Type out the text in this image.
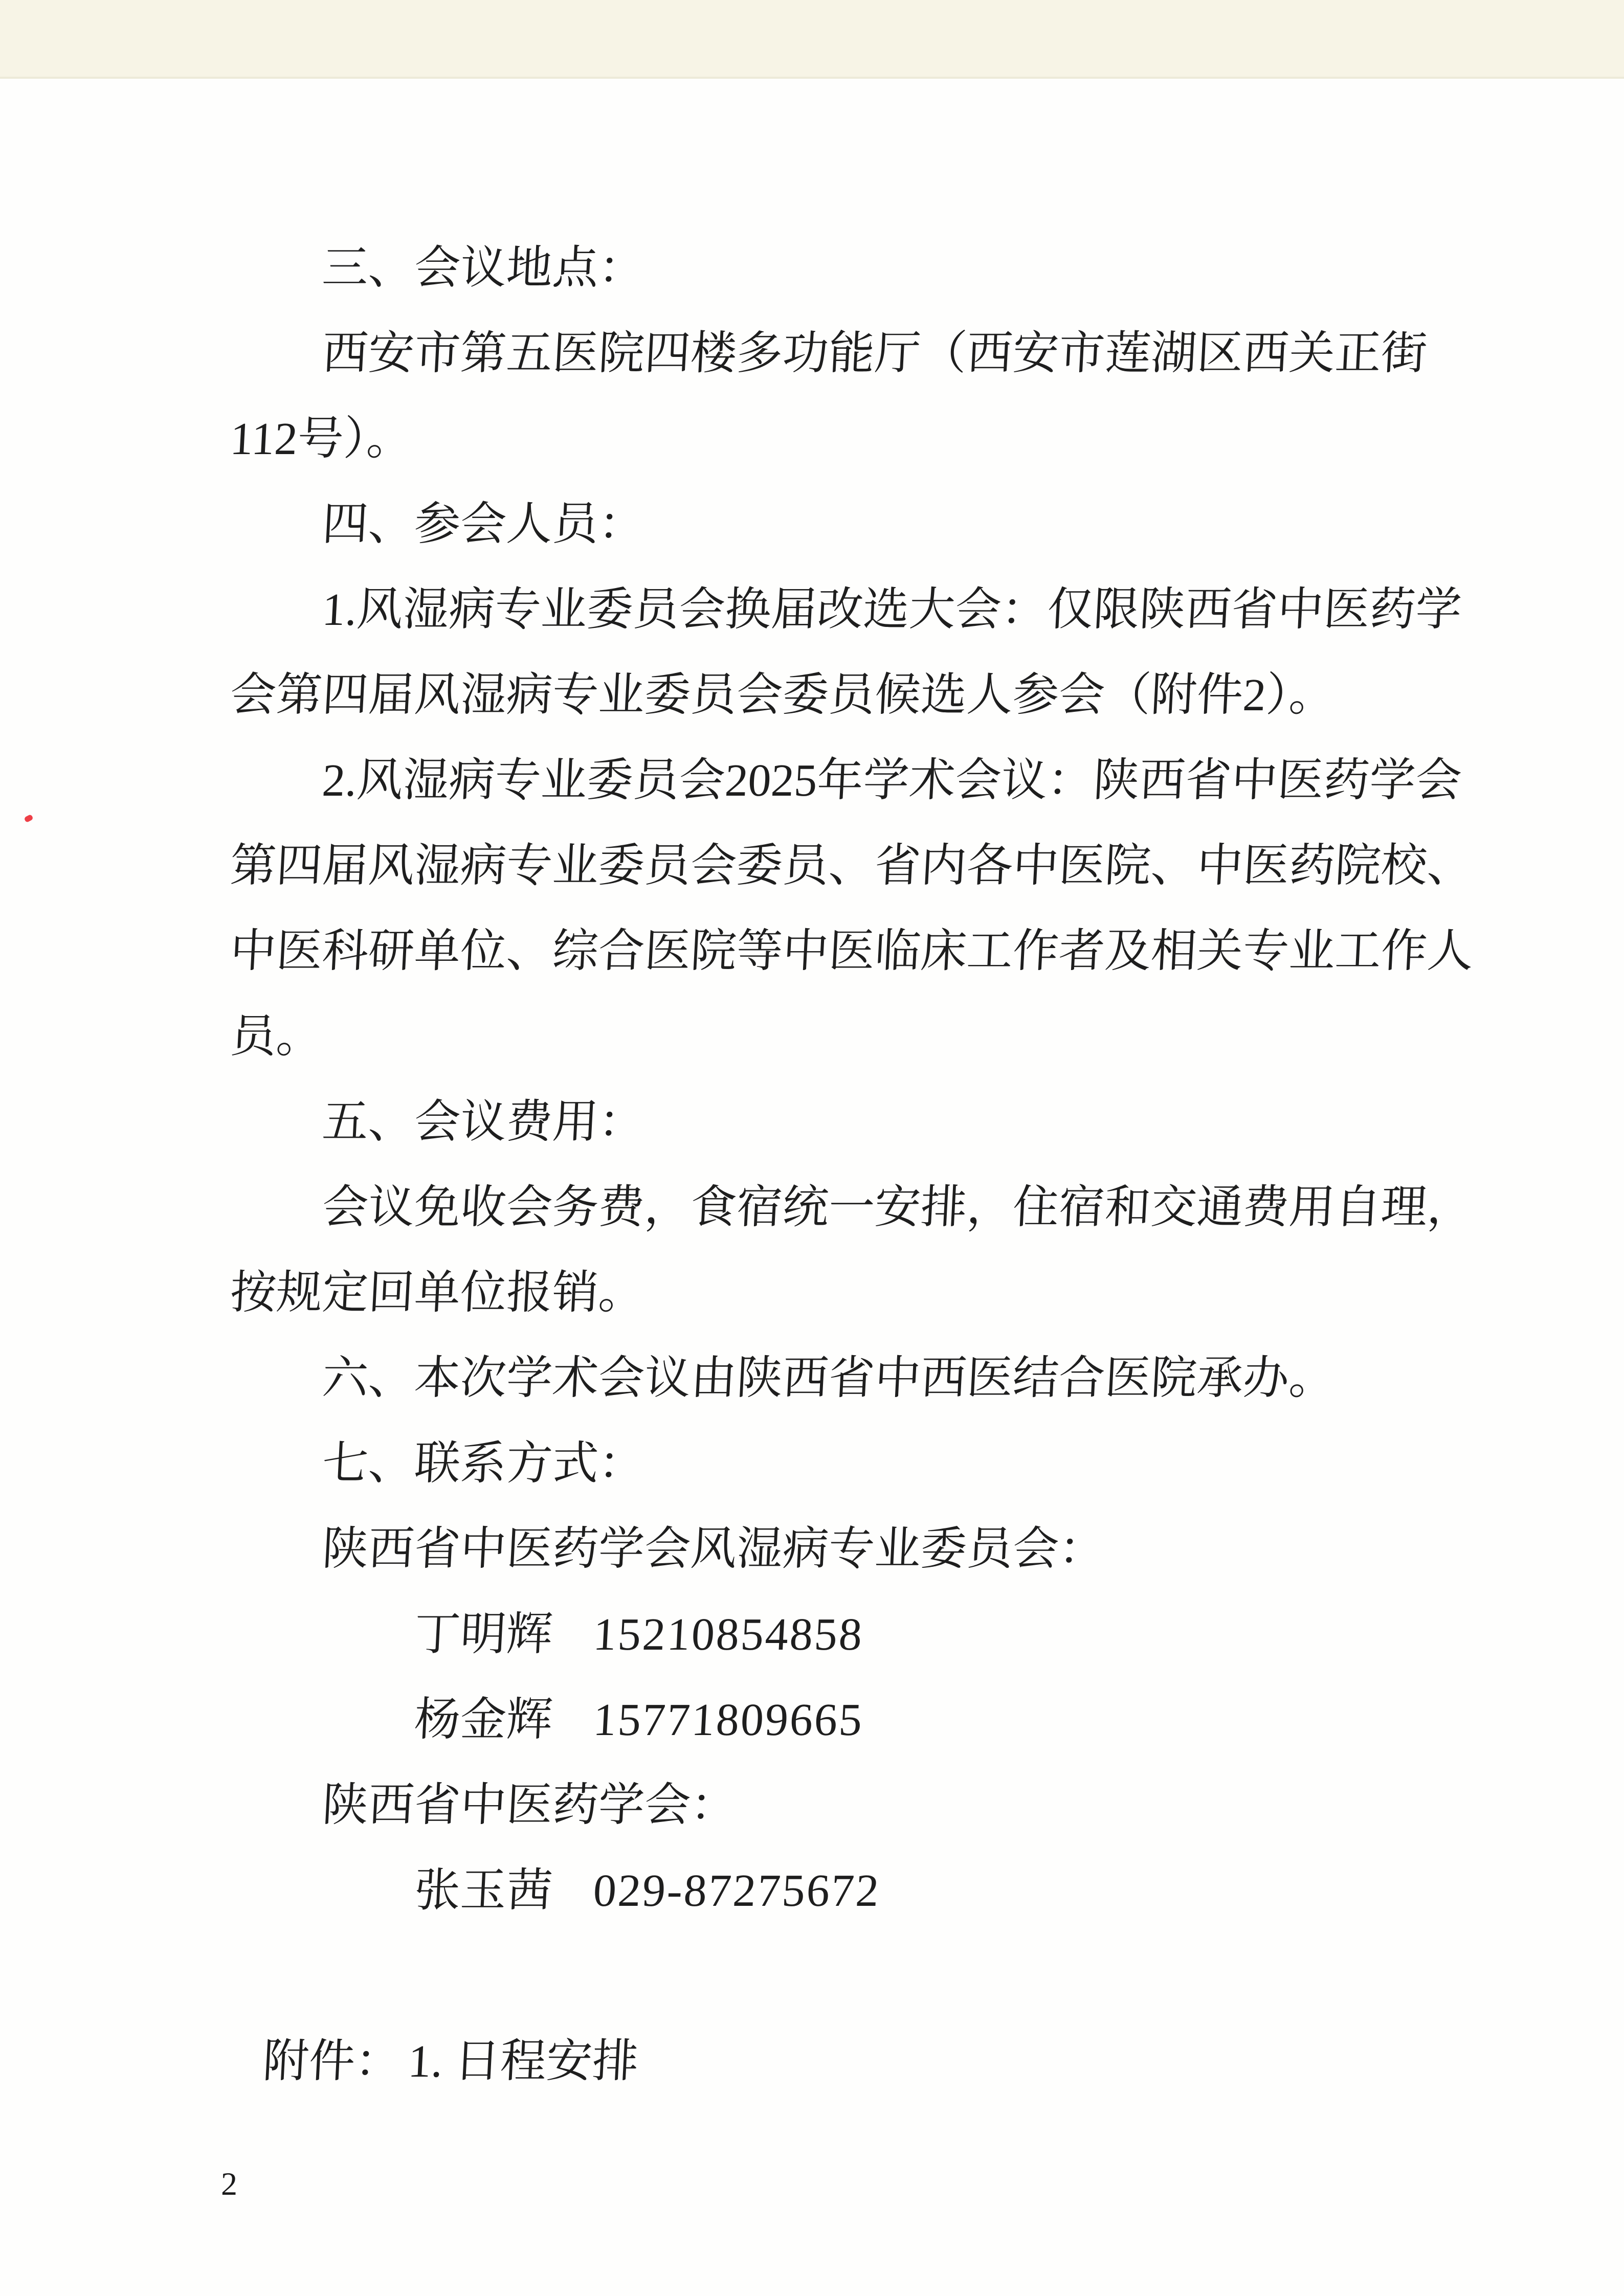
三、会议地点：

西安市第五医院四楼多功能厅（西安市莲湖区西关正街

112号）。

四、参会人员：

1.风湿病专业委员会换届改选大会：仅限陕西省中医药学

会第四届风湿病专业委员会委员候选人参会（附件2）。

2.风湿病专业委员会2025年学术会议：陕西省中医药学会

第四届风湿病专业委员会委员、省内各中医院、中医药院校、

中医科研单位、综合医院等中医临床工作者及相关专业工作人

员。

五、会议费用：

会议免收会务费，食宿统一安排，住宿和交通费用自理，

按规定回单位报销。

六、本次学术会议由陕西省中西医结合医院承办。

七、联系方式：

陕西省中医药学会风湿病专业委员会：

丁明辉 15210854858

杨金辉 15771809665

陕西省中医药学会：

张玉茜 029-87275672

附件：1. 日程安排

2
